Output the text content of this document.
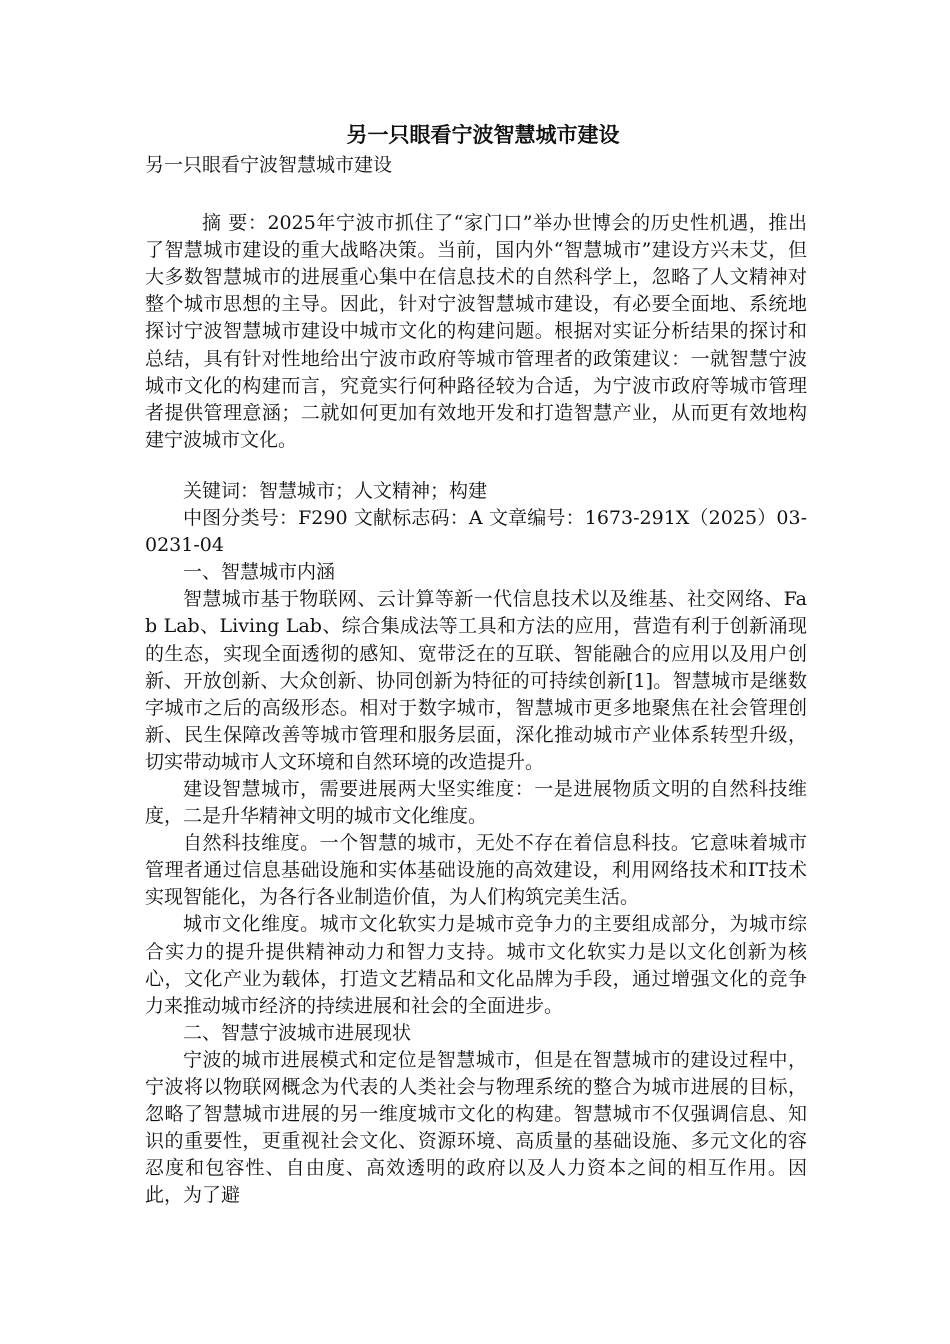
另一只眼看宁波智慧城市建设

另一只眼看宁波智慧城市建设

摘 要：2025年宁波市抓住了“家门口”举办世博会的历史性机遇，推出了智慧城市建设的重大战略决策。当前，国内外“智慧城市”建设方兴未艾，但大多数智慧城市的进展重心集中在信息技术的自然科学上，忽略了人文精神对整个城市思想的主导。因此，针对宁波智慧城市建设，有必要全面地、系统地探讨宁波智慧城市建设中城市文化的构建问题。根据对实证分析结果的探讨和总结，具有针对性地给出宁波市政府等城市管理者的政策建议：一就智慧宁波城市文化的构建而言，究竟实行何种路径较为合适，为宁波市政府等城市管理者提供管理意涵；二就如何更加有效地开发和打造智慧产业，从而更有效地构建宁波城市文化。

关键词：智慧城市；人文精神；构建

中图分类号：F290 文献标志码：A 文章编号：1673-291X（2025）03-0231-04

一、智慧城市内涵

智慧城市基于物联网、云计算等新一代信息技术以及维基、社交网络、Fab Lab、Living Lab、综合集成法等工具和方法的应用，营造有利于创新涌现的生态，实现全面透彻的感知、宽带泛在的互联、智能融合的应用以及用户创新、开放创新、大众创新、协同创新为特征的可持续创新[1]。智慧城市是继数字城市之后的高级形态。相对于数字城市，智慧城市更多地聚焦在社会管理创新、民生保障改善等城市管理和服务层面，深化推动城市产业体系转型升级，切实带动城市人文环境和自然环境的改造提升。

建设智慧城市，需要进展两大坚实维度：一是进展物质文明的自然科技维度，二是升华精神文明的城市文化维度。

自然科技维度。一个智慧的城市，无处不存在着信息科技。它意味着城市管理者通过信息基础设施和实体基础设施的高效建设，利用网络技术和IT技术实现智能化，为各行各业制造价值，为人们构筑完美生活。

城市文化维度。城市文化软实力是城市竞争力的主要组成部分，为城市综合实力的提升提供精神动力和智力支持。城市文化软实力是以文化创新为核心，文化产业为载体，打造文艺精品和文化品牌为手段，通过增强文化的竞争力来推动城市经济的持续进展和社会的全面进步。

二、智慧宁波城市进展现状

宁波的城市进展模式和定位是智慧城市，但是在智慧城市的建设过程中，宁波将以物联网概念为代表的人类社会与物理系统的整合为城市进展的目标，忽略了智慧城市进展的另一维度城市文化的构建。智慧城市不仅强调信息、知识的重要性，更重视社会文化、资源环境、高质量的基础设施、多元文化的容忍度和包容性、自由度、高效透明的政府以及人力资本之间的相互作用。因此，为了避
